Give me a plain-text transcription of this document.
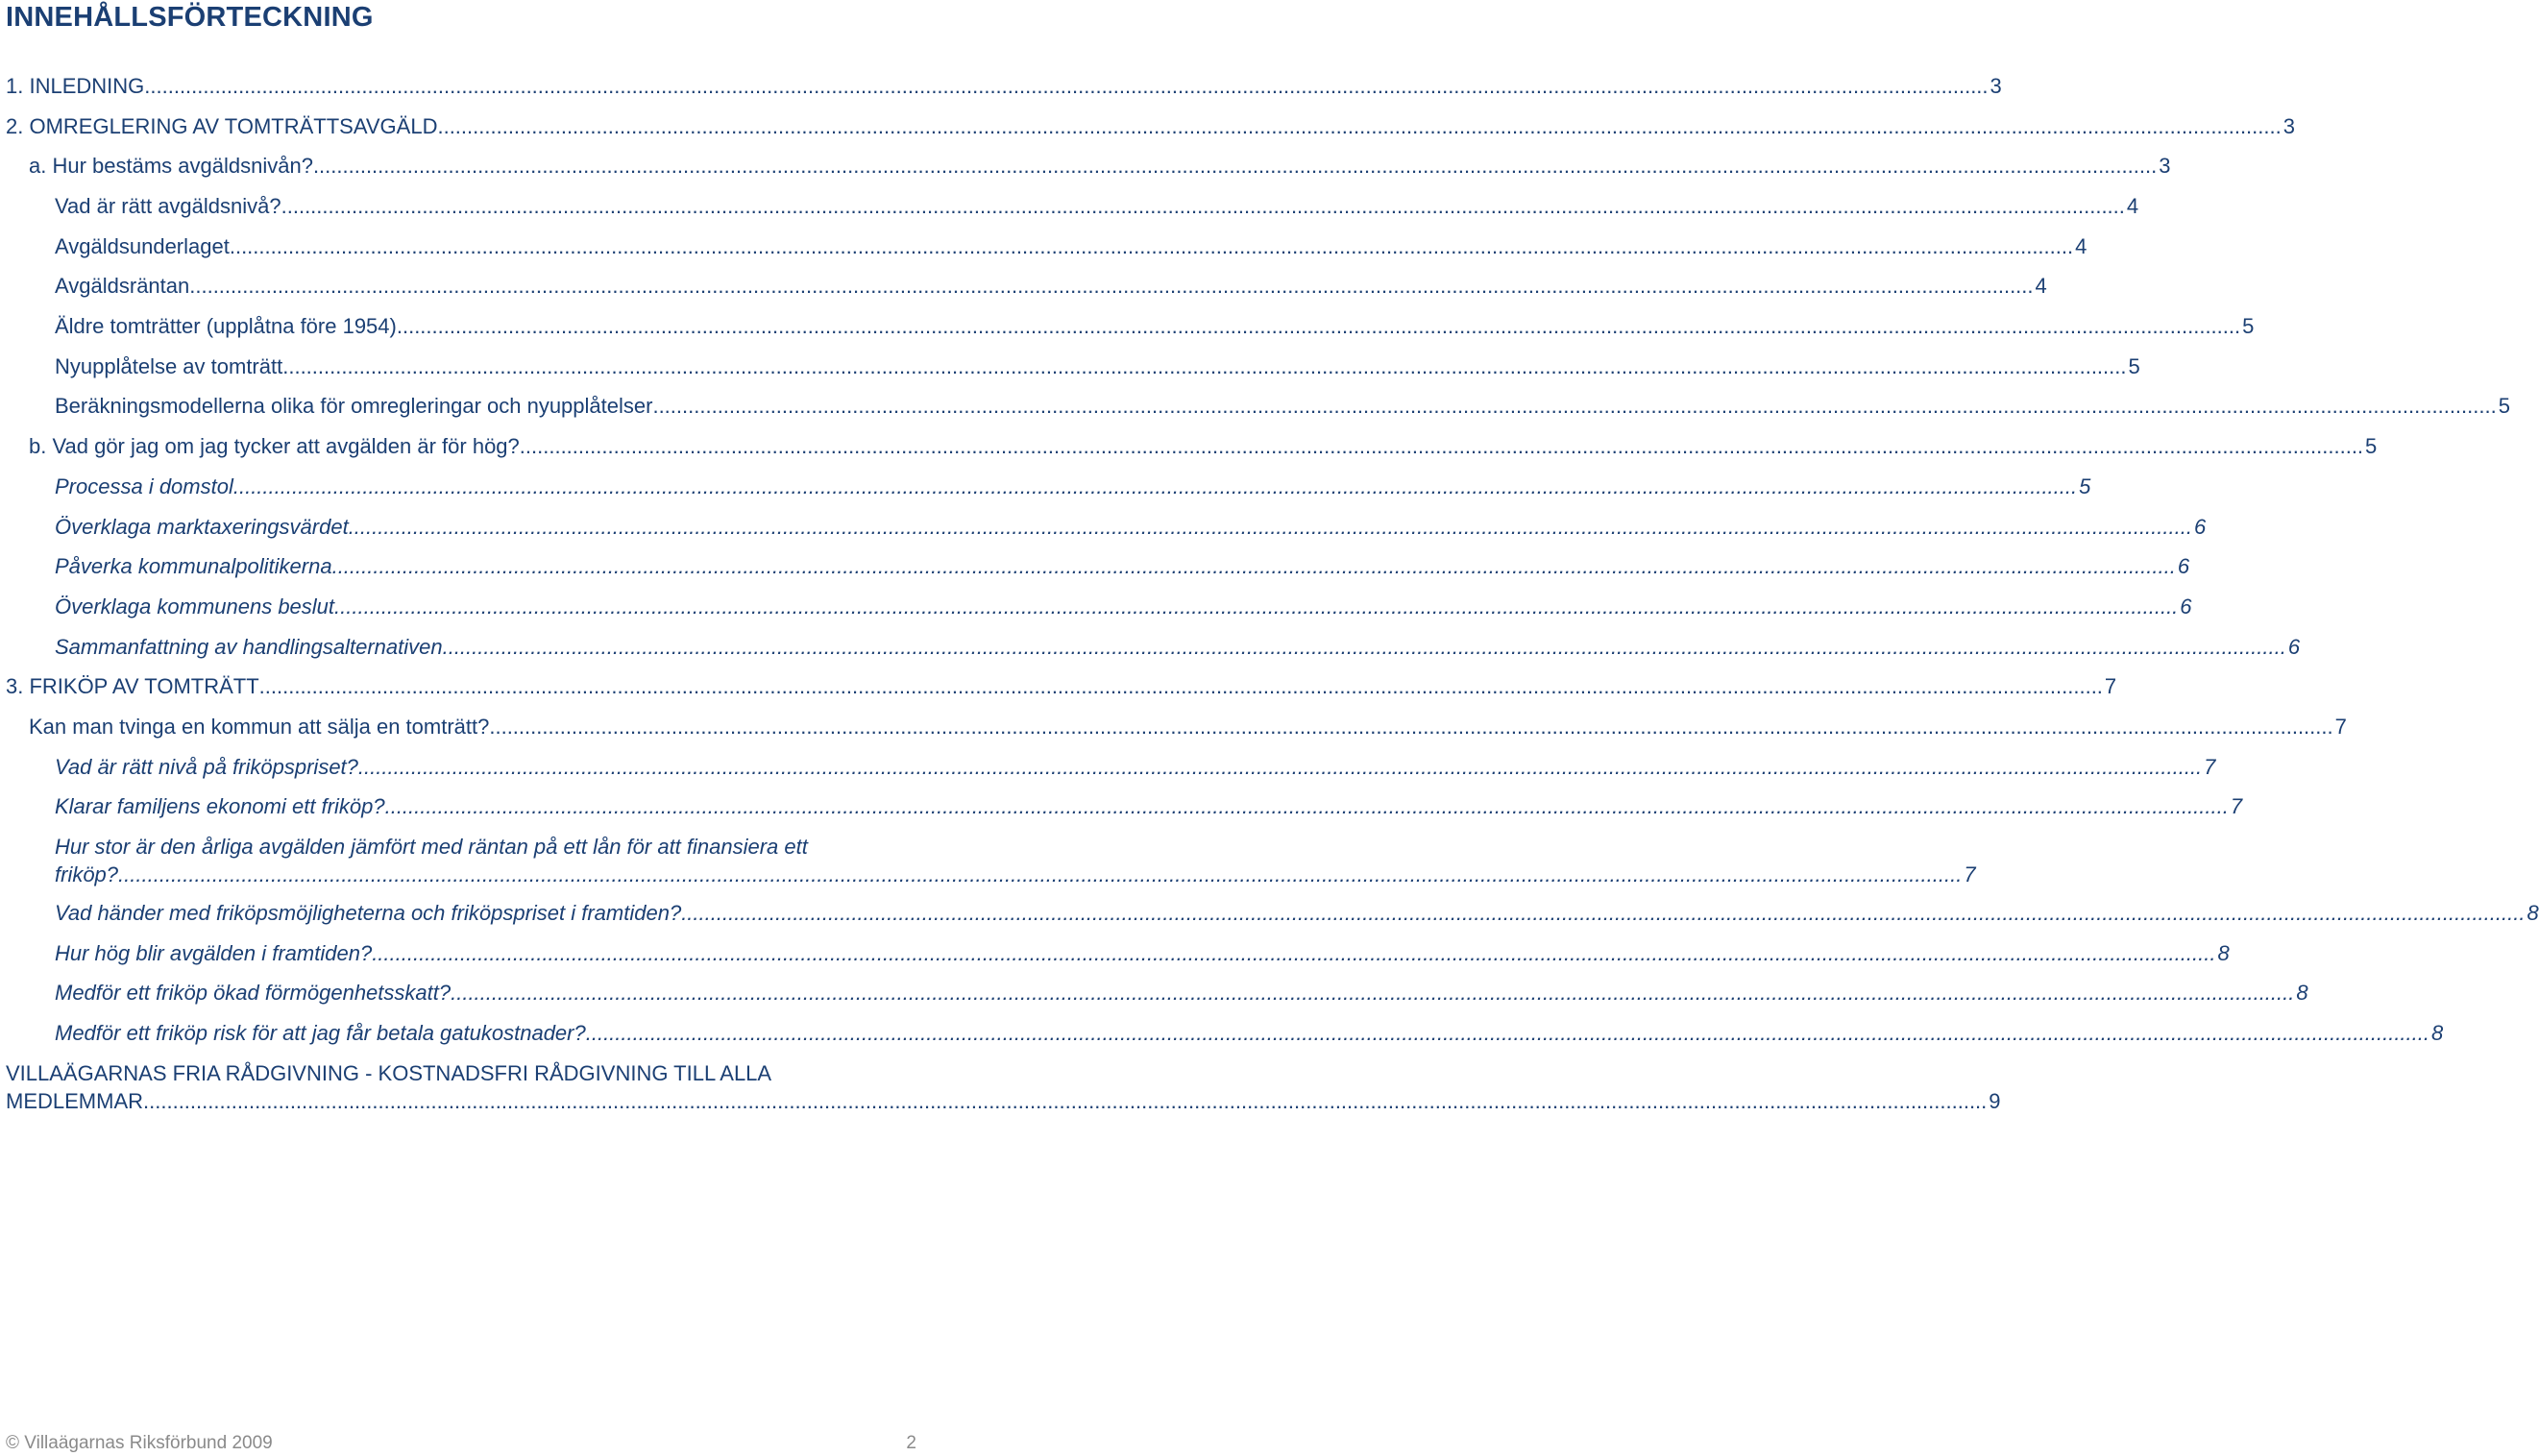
INNEHÅLLSFÖRTECKNING
1. INLEDNING .......................................................................................................................................................................................................................................................................................................................... 3
2. OMREGLERING AV TOMTRÄTTSAVGÄLD .......................................................................................................................................................................................................................................................................................................................... 3
a. Hur bestäms avgäldsnivån? .......................................................................................................................................................................................................................................................................................................................... 3
Vad är rätt avgäldsnivå? .......................................................................................................................................................................................................................................................................................................................... 4
Avgäldsunderlaget .......................................................................................................................................................................................................................................................................................................................... 4
Avgäldsräntan .......................................................................................................................................................................................................................................................................................................................... 4
Äldre tomträtter (upplåtna före 1954) .......................................................................................................................................................................................................................................................................................................................... 5
Nyupplåtelse av tomträtt .......................................................................................................................................................................................................................................................................................................................... 5
Beräkningsmodellerna olika för omregleringar och nyupplåtelser .......................................................................................................................................................................................................................................................................................................................... 5
b. Vad gör jag om jag tycker att avgälden är för hög? .......................................................................................................................................................................................................................................................................................................................... 5
Processa i domstol .......................................................................................................................................................................................................................................................................................................................... 5
Överklaga marktaxeringsvärdet .......................................................................................................................................................................................................................................................................................................................... 6
Påverka kommunalpolitikerna .......................................................................................................................................................................................................................................................................................................................... 6
Överklaga kommunens beslut .......................................................................................................................................................................................................................................................................................................................... 6
Sammanfattning av handlingsalternativen .......................................................................................................................................................................................................................................................................................................................... 6
3. FRIKÖP AV TOMTRÄTT .......................................................................................................................................................................................................................................................................................................................... 7
Kan man tvinga en kommun att sälja en tomträtt? .......................................................................................................................................................................................................................................................................................................................... 7
Vad är rätt nivå på friköpspriset? .......................................................................................................................................................................................................................................................................................................................... 7
Klarar familjens ekonomi ett friköp? .......................................................................................................................................................................................................................................................................................................................... 7
Hur stor är den årliga avgälden jämfört med räntan på ett lån för att finansiera ett
friköp? .......................................................................................................................................................................................................................................................................................................................... 7
Vad händer med friköpsmöjligheterna och friköpspriset i framtiden? .......................................................................................................................................................................................................................................................................................................................... 8
Hur hög blir avgälden i framtiden? .......................................................................................................................................................................................................................................................................................................................... 8
Medför ett friköp ökad förmögenhetsskatt? .......................................................................................................................................................................................................................................................................................................................... 8
Medför ett friköp risk för att jag får betala gatukostnader? .......................................................................................................................................................................................................................................................................................................................... 8
VILLAÄGARNAS FRIA RÅDGIVNING - KOSTNADSFRI RÅDGIVNING TILL ALLA
MEDLEMMAR .......................................................................................................................................................................................................................................................................................................................... 9
© Villaägarnas Riksförbund 2009	2
